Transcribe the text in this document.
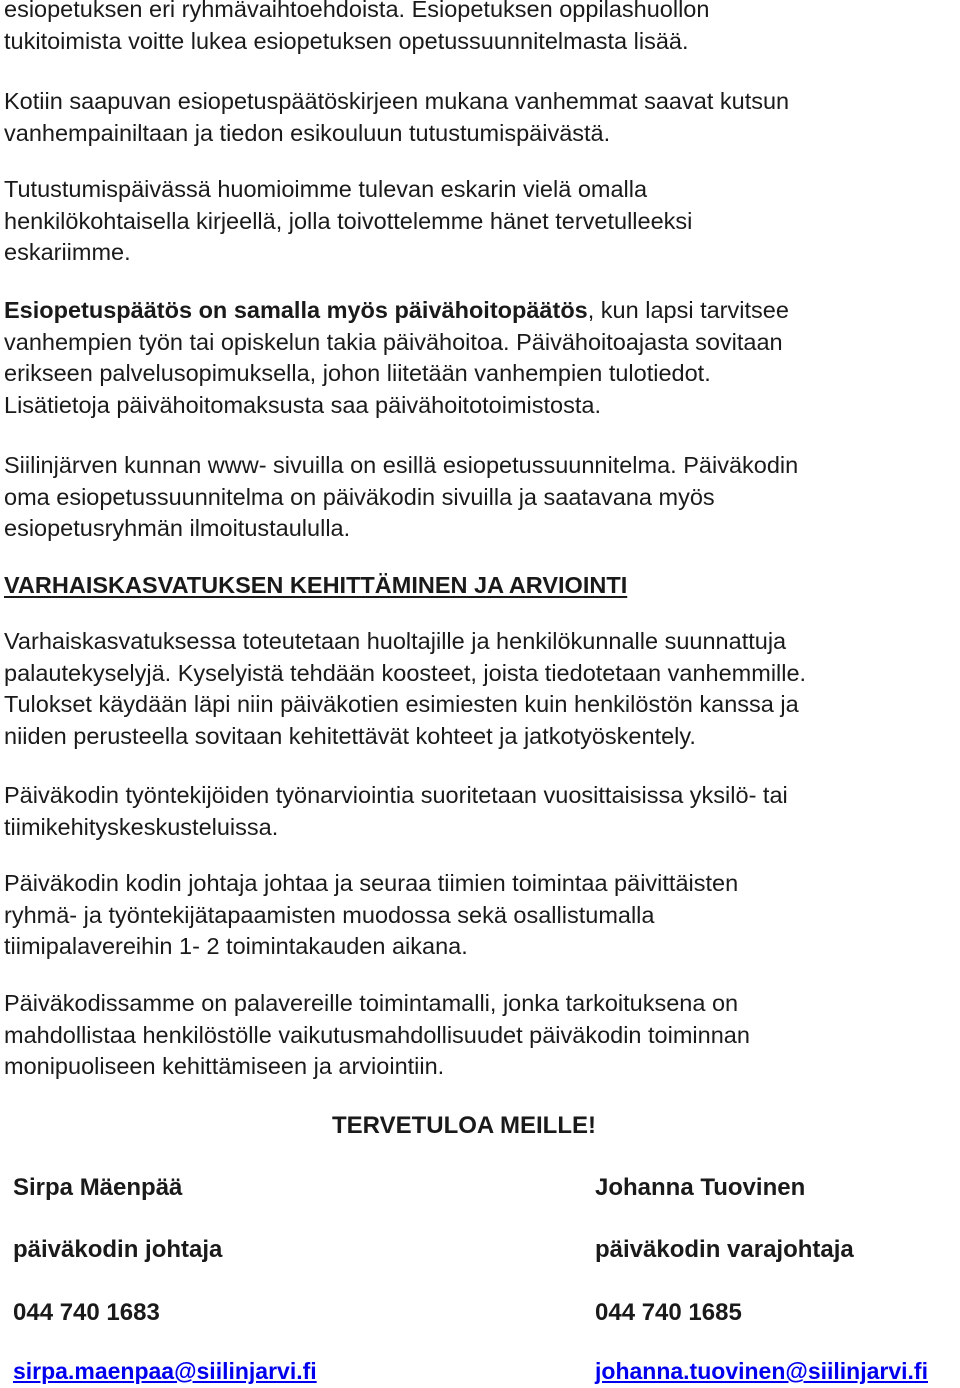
esiopetuksen eri ryhmävaihtoehdoista. Esiopetuksen oppilashuollon
tukitoimista voitte lukea esiopetuksen opetussuunnitelmasta lisää.

Kotiin saapuvan esiopetuspäätöskirjeen mukana vanhemmat saavat kutsun
vanhempainiltaan ja tiedon esikouluun tutustumispäivästä.

Tutustumispäivässä huomioimme tulevan eskarin vielä omalla
henkilökohtaisella kirjeellä, jolla toivottelemme hänet tervetulleeksi
eskariimme.

Esiopetuspäätös on samalla myös päivähoitopäätös, kun lapsi tarvitsee
vanhempien työn tai opiskelun takia päivähoitoa. Päivähoitoajasta sovitaan
erikseen palvelusopimuksella, johon liitetään vanhempien tulotiedot.
Lisätietoja päivähoitomaksusta saa päivähoitotoimistosta.

Siilinjärven kunnan www- sivuilla on esillä esiopetussuunnitelma. Päiväkodin
oma esiopetussuunnitelma on päiväkodin sivuilla ja saatavana myös
esiopetusryhmän ilmoitustaululla.

VARHAISKASVATUKSEN KEHITTÄMINEN JA ARVIOINTI

Varhaiskasvatuksessa toteutetaan huoltajille ja henkilökunnalle suunnattuja
palautekyselyjä. Kyselyistä tehdään koosteet, joista tiedotetaan vanhemmille.
Tulokset käydään läpi niin päiväkotien esimiesten kuin henkilöstön kanssa ja
niiden perusteella sovitaan kehitettävät kohteet ja jatkotyöskentely.

Päiväkodin työntekijöiden työnarviointia suoritetaan vuosittaisissa yksilö- tai
tiimikehityskeskusteluissa.

Päiväkodin kodin johtaja johtaa ja seuraa tiimien toimintaa päivittäisten
ryhmä- ja työntekijätapaamisten muodossa sekä osallistumalla
tiimipalavereihin 1- 2 toimintakauden aikana.

Päiväkodissamme on palavereille toimintamalli, jonka tarkoituksena on
mahdollistaa henkilöstölle vaikutusmahdollisuudet päiväkodin toiminnan
monipuoliseen kehittämiseen ja arviointiin.

TERVETULOA MEILLE!

Sirpa Mäenpää
päiväkodin johtaja
044 740 1683
sirpa.maenpaa@siilinjarvi.fi
Johanna Tuovinen
päiväkodin varajohtaja
044 740 1685
johanna.tuovinen@siilinjarvi.fi
